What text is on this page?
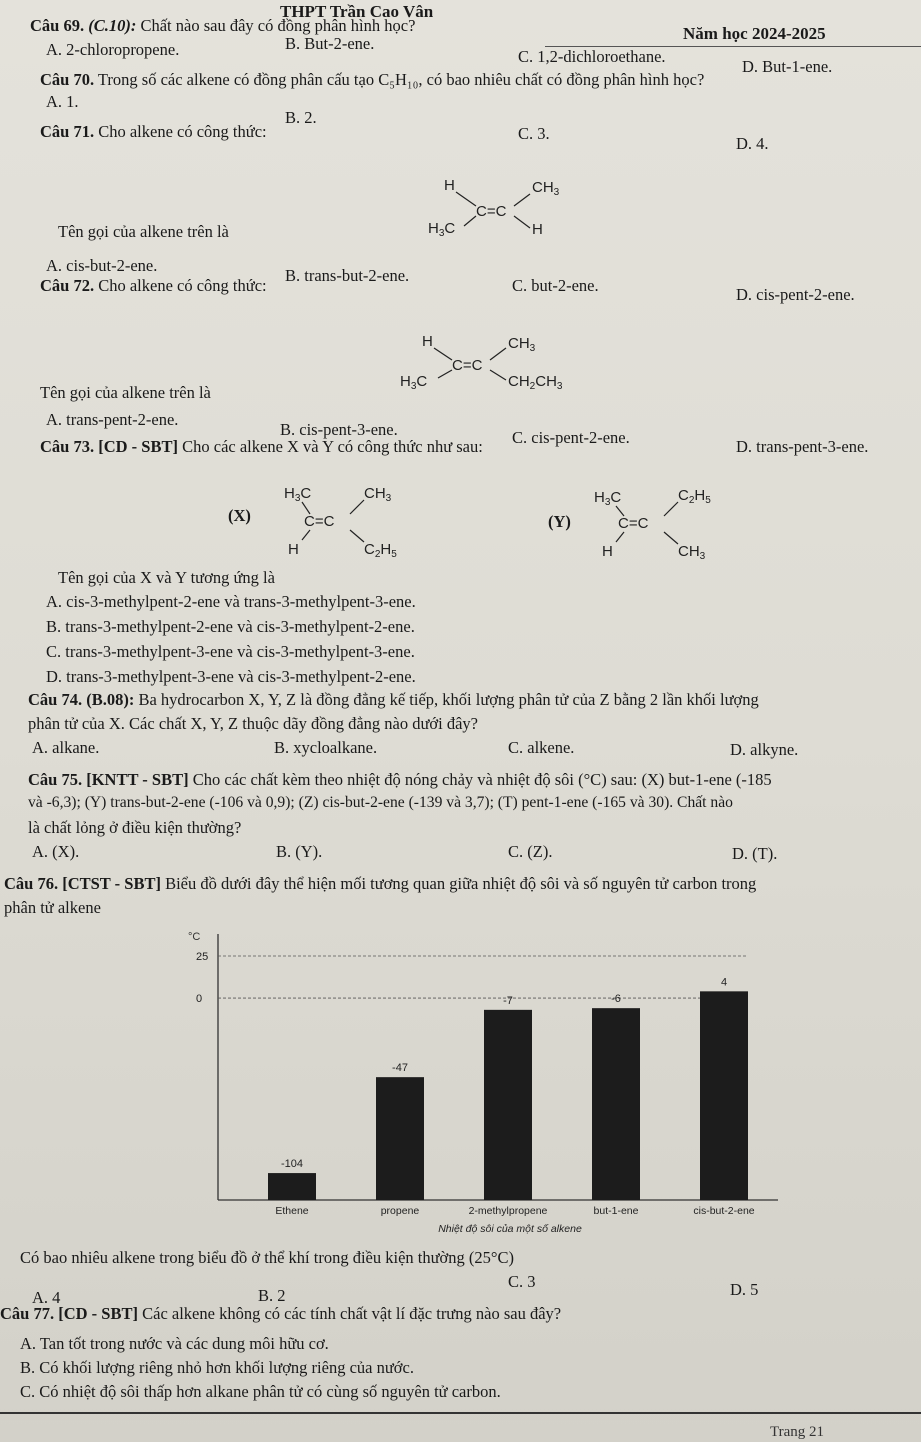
THPT Trần Cao Vân
Năm học 2024-2025
Câu 69. (C.10): Chất nào sau đây có đồng phân hình học?
A. 2-chloropropene.	B. But-2-ene.
C. 1,2-dichloroethane.
D. But-1-ene.
Câu 70. Trong số các alkene có đồng phân cấu tạo C₅H₁₀, có bao nhiêu chất có đồng phân hình học?
A. 1.
B. 2.
C. 3.
D. 4.
Câu 71. Cho alkene có công thức:
H
$H_3C$
C=C
$CH_3$
H
Tên gọi của alkene trên là
A. cis-but-2-ene.
B. trans-but-2-ene.
C. but-2-ene.	D. cis-pent-2-ene.
Câu 72. Cho alkene có công thức:
H
$H_3C$
C=C
$CH_3$
$CH_2CH_3$
Tên gọi của alkene trên là
A. trans-pent-2-ene.
B. cis-pent-3-ene.	C. cis-pent-2-ene.	D. trans-pent-3-ene.
Câu 73. [CD - SBT] Cho các alkene X và Y có công thức như sau:
(X)
$H_3C$
C=C
$CH_3$
H	$C_2H_5$
(Y)
$H_3C$
C=C
$C_2H_5$
H	$CH_3$
Tên gọi của X và Y tương ứng là
A. cis-3-methylpent-2-ene và trans-3-methylpent-3-ene.
B. trans-3-methylpent-2-ene và cis-3-methylpent-2-ene.
C. trans-3-methylpent-3-ene và cis-3-methylpent-3-ene.
D. trans-3-methylpent-3-ene và cis-3-methylpent-2-ene.
Câu 74. (B.08): Ba hydrocarbon X, Y, Z là đồng đẳng kế tiếp, khối lượng phân tử của Z bằng 2 lần khối lượng
phân tử của X. Các chất X, Y, Z thuộc dãy đồng đẳng nào dưới đây?
A. alkane.	B. xycloalkane.	C. alkene.	D. alkyne.
Câu 75. [KNTT - SBT] Cho các chất kèm theo nhiệt độ nóng chảy và nhiệt độ sôi (°C) sau: (X) but-1-ene (-185
và -6,3); (Y) trans-but-2-ene (-106 và 0,9); (Z) cis-but-2-ene (-139 và 3,7); (T) pent-1-ene (-165 và 30). Chất nào
là chất lỏng ở điều kiện thường?
A. (X).	B. (Y).	C. (Z).	D. (T).
Câu 76. [CTST - SBT] Biểu đồ dưới đây thể hiện mối tương quan giữa nhiệt độ sôi và số nguyên tử carbon trong
phân tử alkene
°C
25
0
-104
Ethene
-47
propene
-7
2-methylpropene
-6
but-1-ene
4
cis-but-2-ene
Nhiệt độ sôi của một số alkene
Có bao nhiêu alkene trong biểu đồ ở thể khí trong điều kiện thường (25°C)
C. 3	D. 5
A. 4	B. 2
Câu 77. [CD - SBT] Các alkene không có các tính chất vật lí đặc trưng nào sau đây?
A. Tan tốt trong nước và các dung môi hữu cơ.
B. Có khối lượng riêng nhỏ hơn khối lượng riêng của nước.
C. Có nhiệt độ sôi thấp hơn alkane phân tử có cùng số nguyên tử carbon.
Trang 21
